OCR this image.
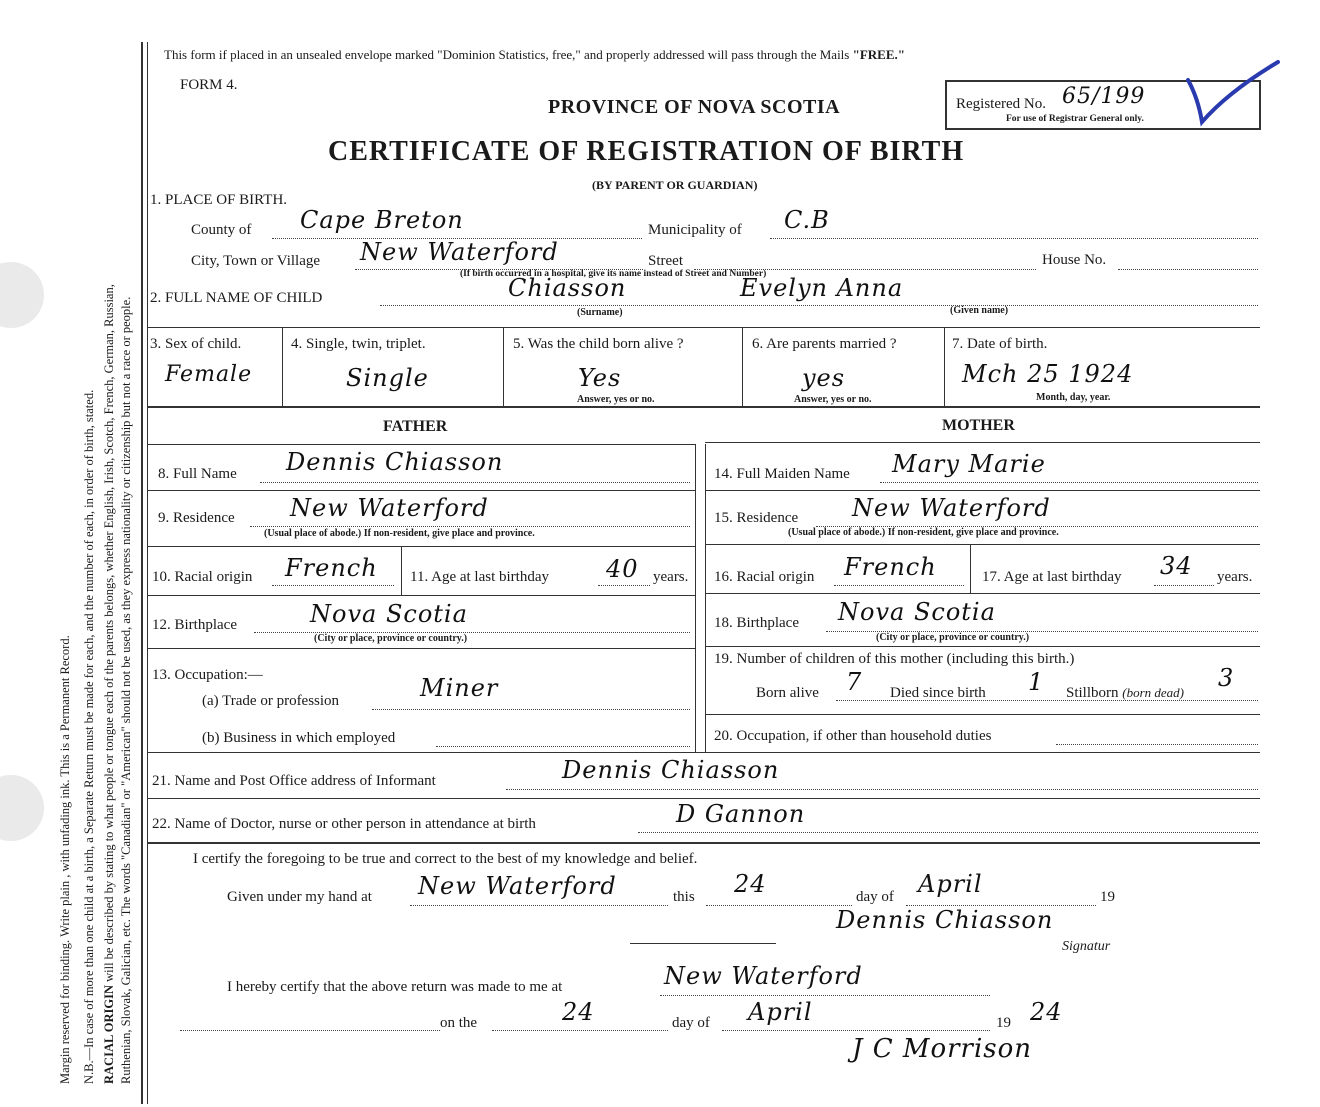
Margin reserved for binding. Write plain , with unfading ink. This is a Permanent Record. N.B.—In case of more than one child at a birth, a Separate Return must be made for each, and the number of each, in order of birth, stated. RACIAL ORIGIN will be described by stating to what people or tongue each of the parents belongs, whether English, Irish, Scotch, French, German, Russian, Ruthenian, Slovak, Galician, etc. The words "Canadian" or "American" should not be used, as they express nationality or citizenship but not a race or people.
This form if placed in an unsealed envelope marked "Dominion Statistics, free," and properly addressed will pass through the Mails "FREE."
FORM 4.
PROVINCE OF NOVA SCOTIA
CERTIFICATE OF REGISTRATION OF BIRTH
(BY PARENT OR GUARDIAN)
Registered No. 65/199
For use of Registrar General only.
1. PLACE OF BIRTH.
County of Cape Breton	Municipality of C.B
City, Town or Village New Waterford	Street	House No.
(If birth occurred in a hospital, give its name instead of Street and Number)
2. FULL NAME OF CHILD	Chiasson	Evelyn Anna
(Surname)	(Given name)
3. Sex of child.
Female
4. Single, twin, triplet.
Single
5. Was the child born alive ?
Yes
Answer, yes or no.
6. Are parents married ?
yes
Answer, yes or no.
7. Date of birth.
Mch 25 1924
Month, day, year.
FATHER	MOTHER
8. Full Name Dennis Chiasson
9. Residence New Waterford
(Usual place of abode.) If non-resident, give place and province.
10. Racial origin French 11. Age at last birthday 40 years.
12. Birthplace	Nova Scotia
(City or place, province or country.)
13. Occupation:—
(a) Trade or profession	Miner
(b) Business in which employed
14. Full Maiden Name Mary Marie
15. Residence New Waterford
(Usual place of abode.) If non-resident, give place and province.
16. Racial origin French	17. Age at last birthday 34 years.
18. Birthplace Nova Scotia
(City or place, province or country.)
19. Number of children of this mother (including this birth.)
Born alive 7 Died since birth 1 Stillborn (born dead)
3
20. Occupation, if other than household duties
21. Name and Post Office address of Informant	Dennis Chiasson
22. Name of Doctor, nurse or other person in attendance at birth	D Gannon
I certify the foregoing to be true and correct to the best of my knowledge and belief.
Given under my hand at New Waterford	this 24	day of April	19
Dennis Chiasson
Signatur
I hereby certify that the above return was made to me at	New Waterford
on the	24	day of April	19 24
J C Morrison
